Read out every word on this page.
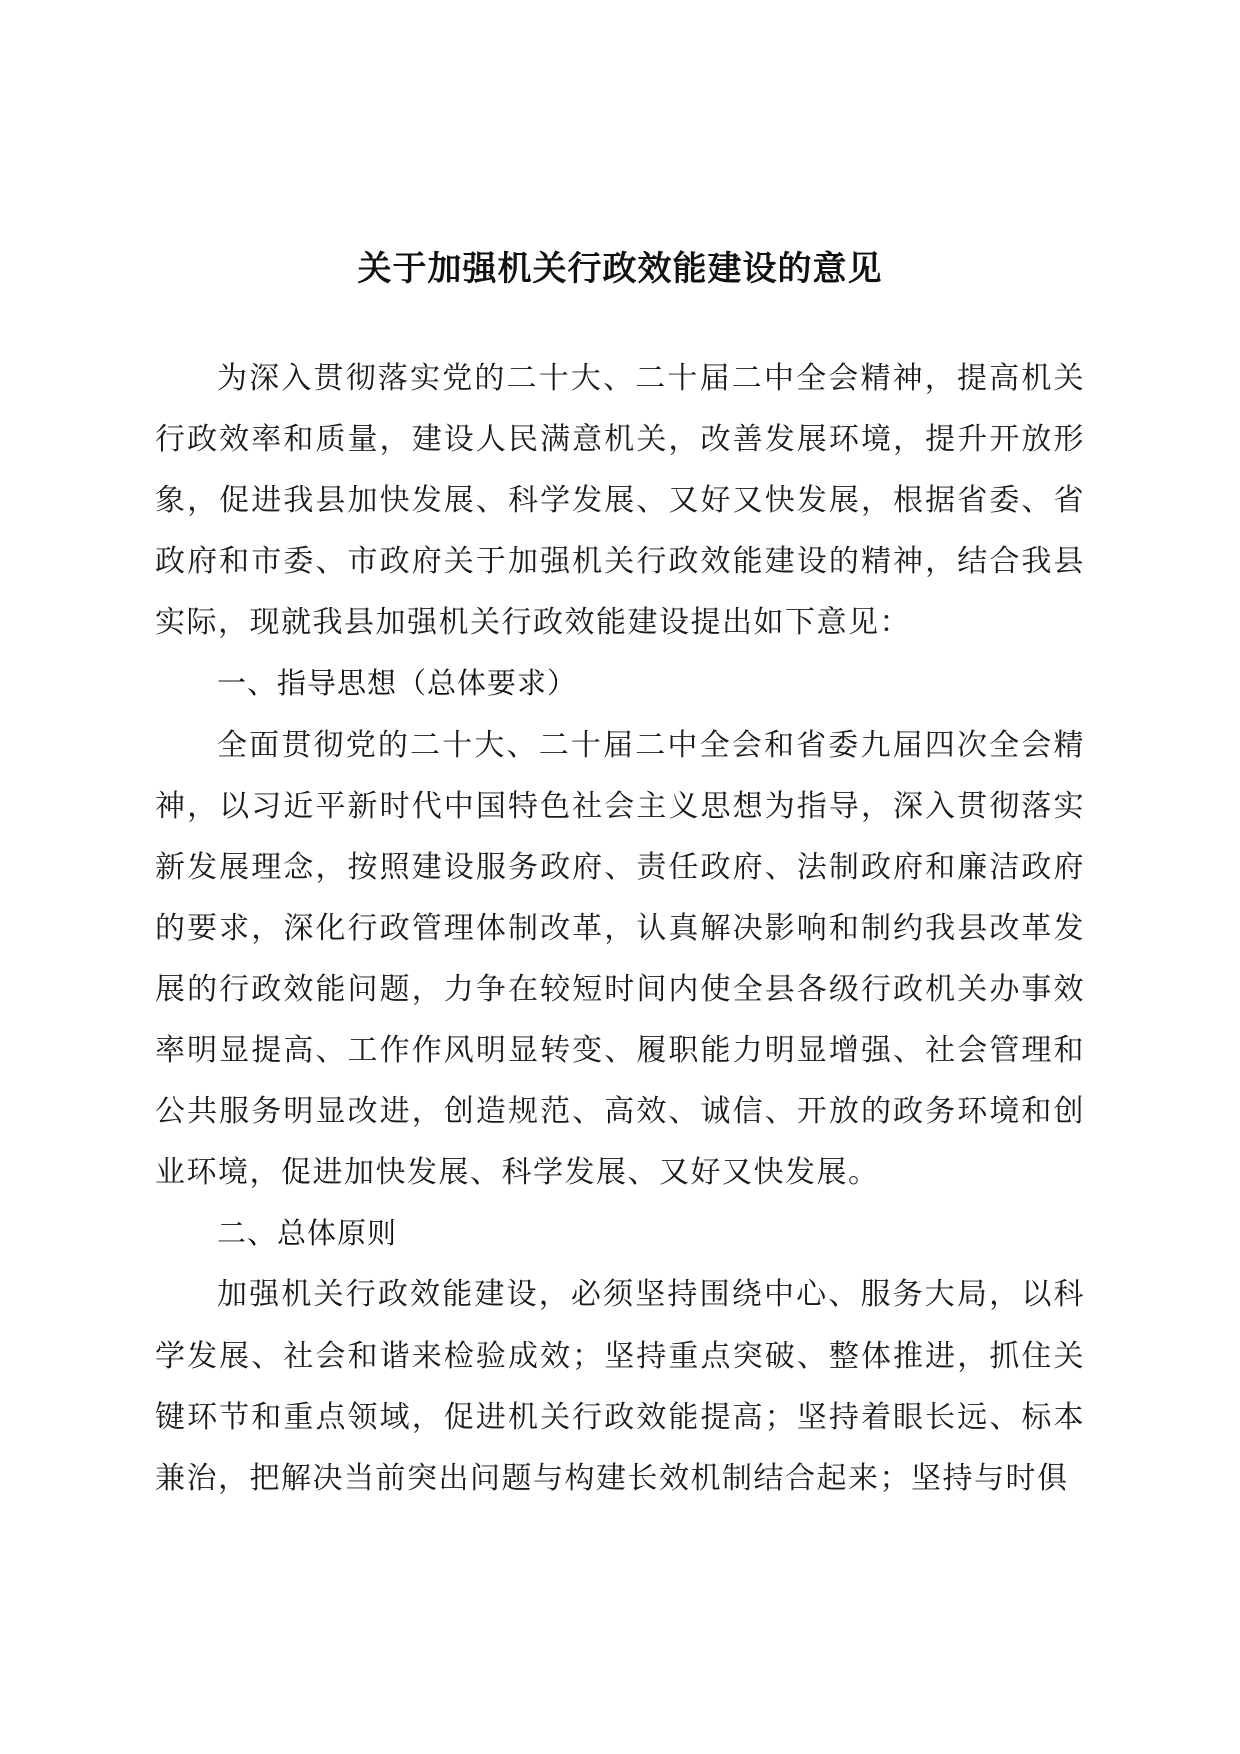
关于加强机关行政效能建设的意见

为深入贯彻落实党的二十大、二十届二中全会精神，提高机关行政效率和质量，建设人民满意机关，改善发展环境，提升开放形象，促进我县加快发展、科学发展、又好又快发展，根据省委、省政府和市委、市政府关于加强机关行政效能建设的精神，结合我县实际，现就我县加强机关行政效能建设提出如下意见：

一、指导思想（总体要求）

全面贯彻党的二十大、二十届二中全会和省委九届四次全会精神，以习近平新时代中国特色社会主义思想为指导，深入贯彻落实新发展理念，按照建设服务政府、责任政府、法制政府和廉洁政府的要求，深化行政管理体制改革，认真解决影响和制约我县改革发展的行政效能问题，力争在较短时间内使全县各级行政机关办事效率明显提高、工作作风明显转变、履职能力明显增强、社会管理和公共服务明显改进，创造规范、高效、诚信、开放的政务环境和创业环境，促进加快发展、科学发展、又好又快发展。

二、总体原则

加强机关行政效能建设，必须坚持围绕中心、服务大局，以科学发展、社会和谐来检验成效；坚持重点突破、整体推进，抓住关键环节和重点领域，促进机关行政效能提高；坚持着眼长远、标本兼治，把解决当前突出问题与构建长效机制结合起来；坚持与时俱
